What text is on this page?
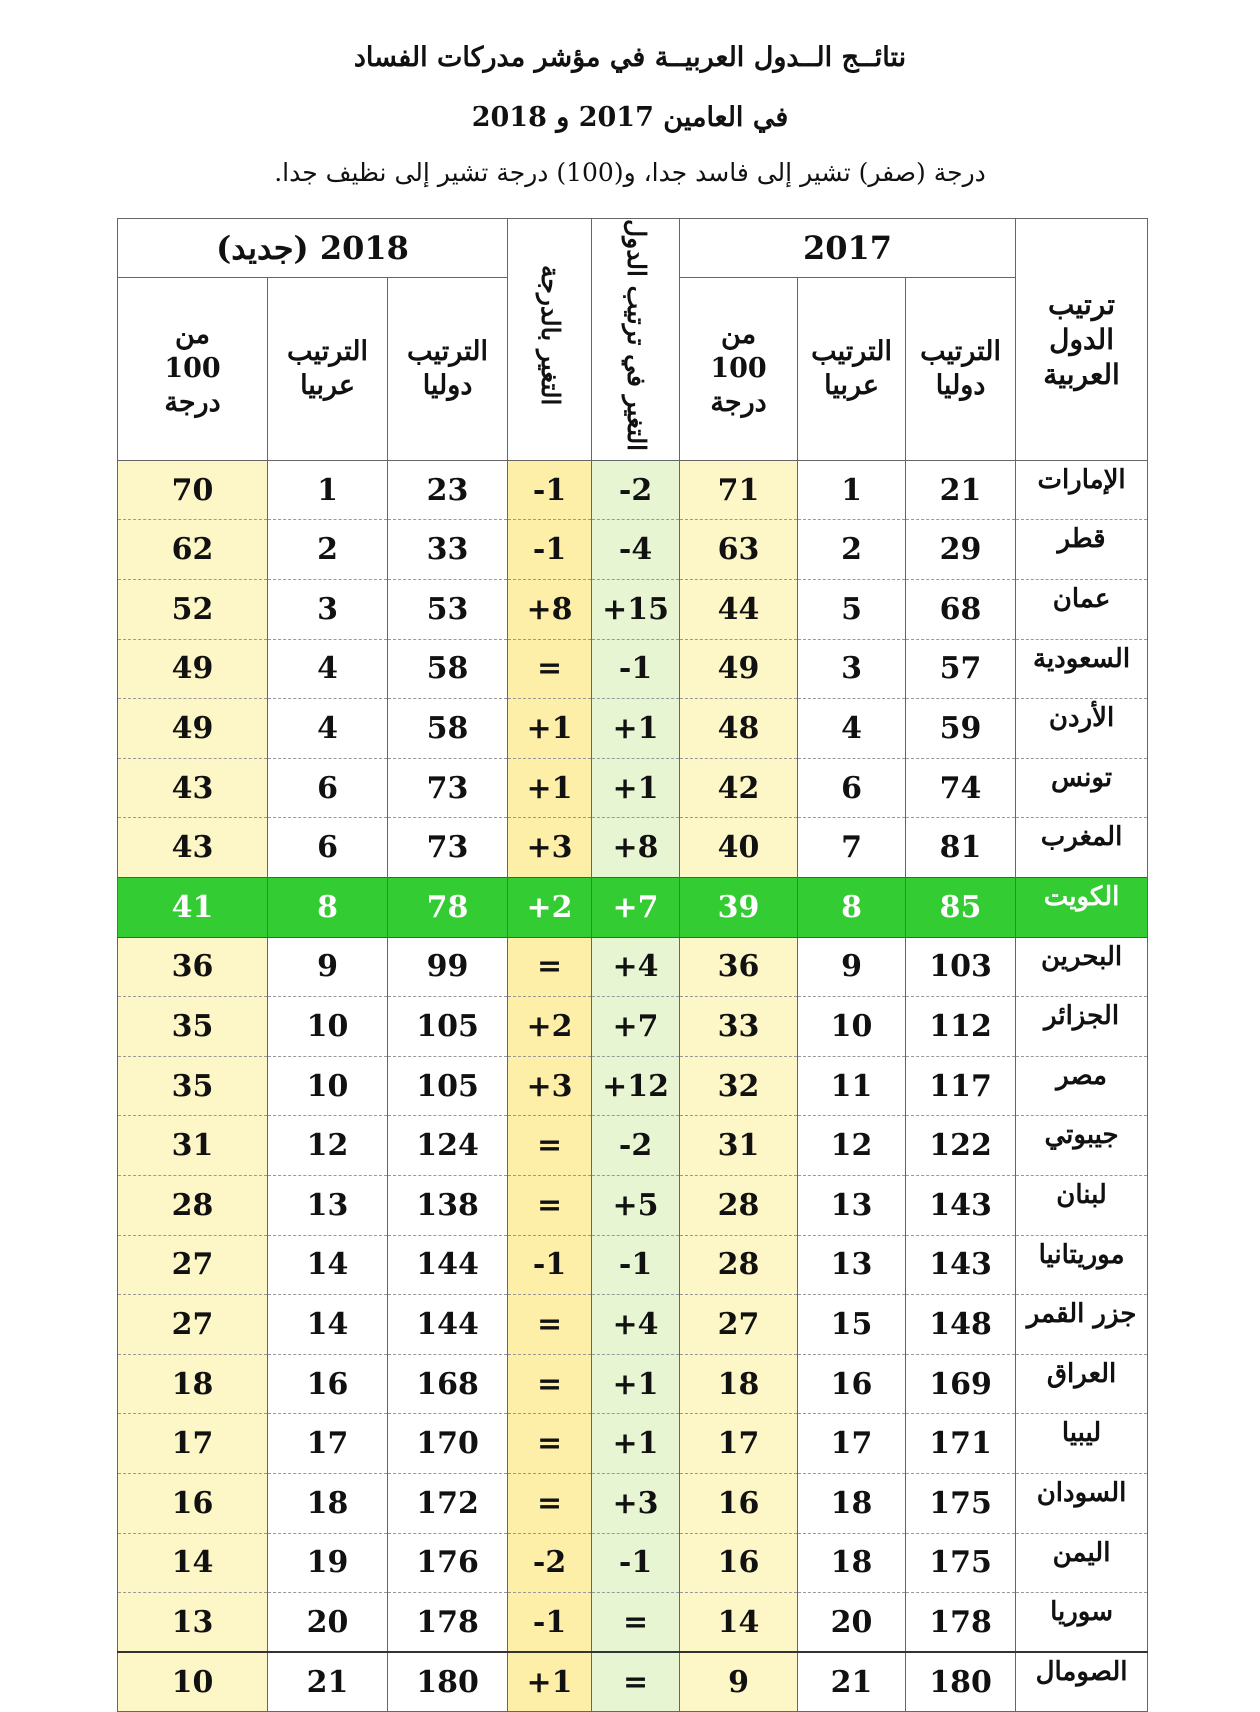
نتائــج الــدول العربيــة في مؤشر مدركات الفساد
في العامين 2017 و 2018
درجة (صفر) تشير إلى فاسد جدا، و(100) درجة تشير إلى نظيف جدا.
ترتيب الدول العربية	2017			التغير في ترتيب الدول	التغير بالدرجة	2018 (جديد)		
	الترتيب دوليا	الترتيب عربيا	من 100 درجة			الترتيب دوليا	الترتيب عربيا	من 100 درجة
الإمارات	21	1	71	2-	1-	23	1	70
قطر	29	2	63	4-	1-	33	2	62
عمان	68	5	44	15+	8+	53	3	52
السعودية	57	3	49	1-	=	58	4	49
الأردن	59	4	48	1+	1+	58	4	49
تونس	74	6	42	1+	1+	73	6	43
المغرب	81	7	40	8+	3+	73	6	43
الكويت	85	8	39	7+	2+	78	8	41
البحرين	103	9	36	4+	=	99	9	36
الجزائر	112	10	33	7+	2+	105	10	35
مصر	117	11	32	12+	3+	105	10	35
جيبوتي	122	12	31	2-	=	124	12	31
لبنان	143	13	28	5+	=	138	13	28
موريتانيا	143	13	28	1-	1-	144	14	27
جزر القمر	148	15	27	4+	=	144	14	27
العراق	169	16	18	1+	=	168	16	18
ليبيا	171	17	17	1+	=	170	17	17
السودان	175	18	16	3+	=	172	18	16
اليمن	175	18	16	1-	2-	176	19	14
سوريا	178	20	14	=	1-	178	20	13
الصومال	180	21	9	=	1+	180	21	10
